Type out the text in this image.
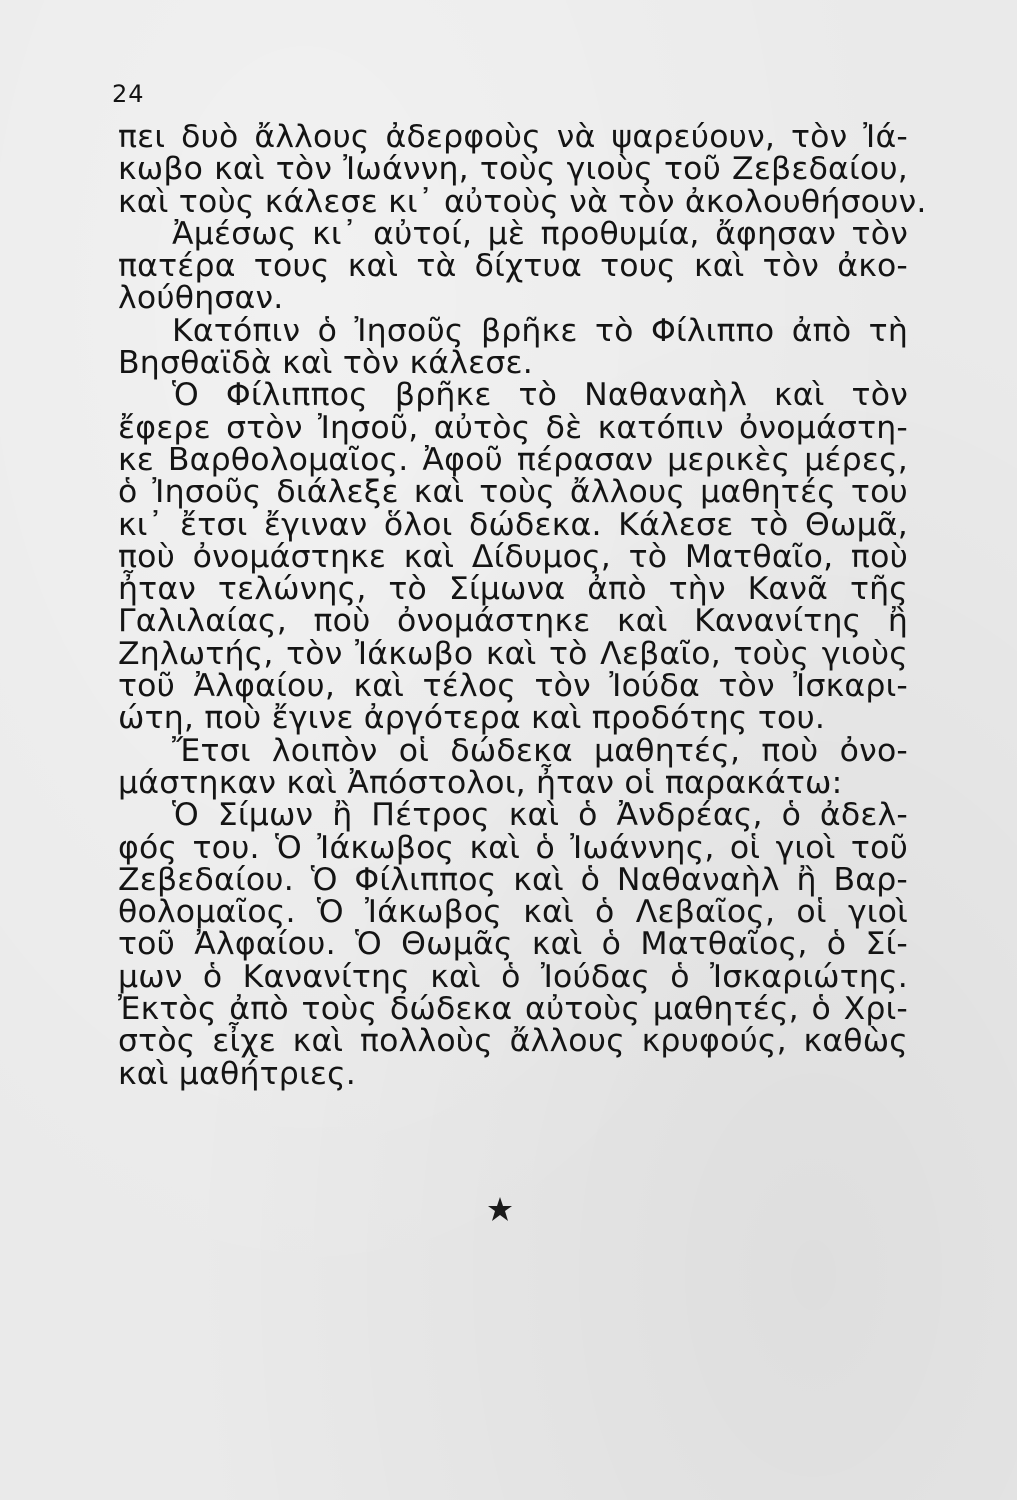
24
πει δυὸ ἄλλους ἀδερφοὺς νὰ ψαρεύουν, τὸν Ἰά-
κωβο καὶ τὸν Ἰωάννη, τοὺς γιοὺς τοῦ Ζεβεδαίου,
καὶ τοὺς κάλεσε κι᾿ αὐτοὺς νὰ τὸν ἀκολουθήσουν.
Ἀμέσως κι᾿ αὐτοί, μὲ προθυμία, ἄφησαν τὸν
πατέρα τους καὶ τὰ δίχτυα τους καὶ τὸν ἀκο-
λούθησαν.
Κατόπιν ὁ Ἰησοῦς βρῆκε τὸ Φίλιππο ἀπὸ τὴ
Βησθαϊδὰ καὶ τὸν κάλεσε.
Ὁ Φίλιππος βρῆκε τὸ Ναθαναὴλ καὶ τὸν
ἔφερε στὸν Ἰησοῦ, αὐτὸς δὲ κατόπιν ὀνομάστη-
κε Βαρθολομαῖος. Ἀφοῦ πέρασαν μερικὲς μέρες,
ὁ Ἰησοῦς διάλεξε καὶ τοὺς ἄλλους μαθητές του
κι᾿ ἔτσι ἔγιναν ὅλοι δώδεκα. Κάλεσε τὸ Θωμᾶ,
ποὺ ὀνομάστηκε καὶ Δίδυμος, τὸ Ματθαῖο, ποὺ
ἦταν τελώνης, τὸ Σίμωνα ἀπὸ τὴν Κανᾶ τῆς
Γαλιλαίας, ποὺ ὀνομάστηκε καὶ Κανανίτης ἢ
Ζηλωτής, τὸν Ἰάκωβο καὶ τὸ Λεβαῖο, τοὺς γιοὺς
τοῦ Ἀλφαίου, καὶ τέλος τὸν Ἰούδα τὸν Ἰσκαρι-
ώτη, ποὺ ἔγινε ἀργότερα καὶ προδότης του.
Ἔτσι λοιπὸν οἱ δώδεκα μαθητές, ποὺ ὀνο-
μάστηκαν καὶ Ἀπόστολοι, ἦταν οἱ παρακάτω:
Ὁ Σίμων ἢ Πέτρος καὶ ὁ Ἀνδρέας, ὁ ἀδελ-
φός του. Ὁ Ἰάκωβος καὶ ὁ Ἰωάννης, οἱ γιοὶ τοῦ
Ζεβεδαίου. Ὁ Φίλιππος καὶ ὁ Ναθαναὴλ ἢ Βαρ-
θολομαῖος. Ὁ Ἰάκωβος καὶ ὁ Λεβαῖος, οἱ γιοὶ
τοῦ Ἀλφαίου. Ὁ Θωμᾶς καὶ ὁ Ματθαῖος, ὁ Σί-
μων ὁ Κανανίτης καὶ ὁ Ἰούδας ὁ Ἰσκαριώτης.
Ἐκτὸς ἀπὸ τοὺς δώδεκα αὐτοὺς μαθητές, ὁ Χρι-
στὸς εἶχε καὶ πολλοὺς ἄλλους κρυφούς, καθὼς
καὶ μαθήτριες.
